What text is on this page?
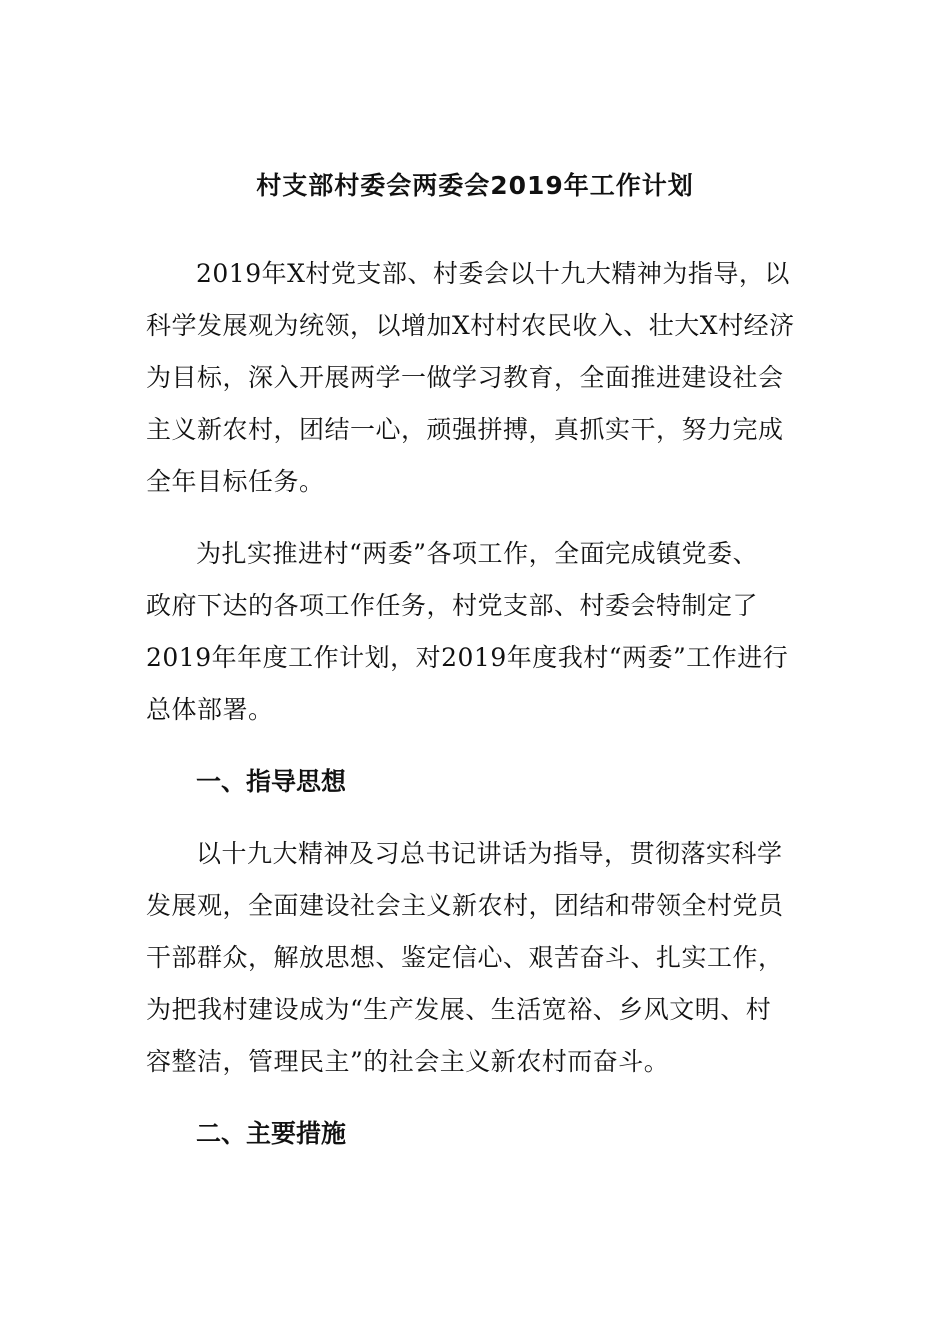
村支部村委会两委会2019年工作计划

2019年X村党支部、村委会以十九大精神为指导，以
科学发展观为统领，以增加X村村农民收入、壮大X村经济
为目标，深入开展两学一做学习教育，全面推进建设社会
主义新农村，团结一心，顽强拼搏，真抓实干，努力完成
全年目标任务。

为扎实推进村“两委”各项工作，全面完成镇党委、
政府下达的各项工作任务，村党支部、村委会特制定了
2019年年度工作计划，对2019年度我村“两委”工作进行
总体部署。

一、指导思想

以十九大精神及习总书记讲话为指导，贯彻落实科学
发展观，全面建设社会主义新农村，团结和带领全村党员
干部群众，解放思想、鉴定信心、艰苦奋斗、扎实工作，
为把我村建设成为“生产发展、生活宽裕、乡风文明、村
容整洁，管理民主”的社会主义新农村而奋斗。

二、主要措施
